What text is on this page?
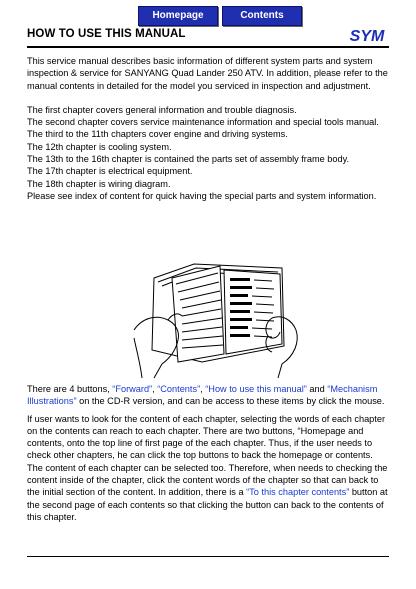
Homepage	Contents
HOW TO USE THIS MANUAL	SYM

This service manual describes basic information of different system parts and system inspection & service for SANYANG Quad Lander 250 ATV. In addition, please refer to the manual contents in detailed for the model you serviced in inspection and adjustment.

The first chapter covers general information and trouble diagnosis.

The second chapter covers service maintenance information and special tools manual.

The third to the 11th chapters cover engine and driving systems.

The 12th chapter is cooling system.

The 13th to the 16th chapter is contained the parts set of assembly frame body.

The 17th chapter is electrical equipment.

The 18th chapter is wiring diagram.

Please see index of content for quick having the special parts and system information.

There are 4 buttons, “Forward”, “Contents”, “How to use this manual” and “Mechanism Illustrations” on the CD-R version, and can be access to these items by click the mouse.

If user wants to look for the content of each chapter, selecting the words of each chapter on the contents can reach to each chapter. There are two buttons, “Homepage and contents, onto the top line of first page of the each chapter. Thus, if the user needs to check other chapters, he can click the top buttons to back the homepage or contents. The content of each chapter can be selected too. Therefore, when needs to checking the content inside of the chapter, click the content words of the chapter so that can back to the initial section of the content. In addition, there is a “To this chapter contents” button at the second page of each contents so that clicking the button can back to the contents of this chapter.
